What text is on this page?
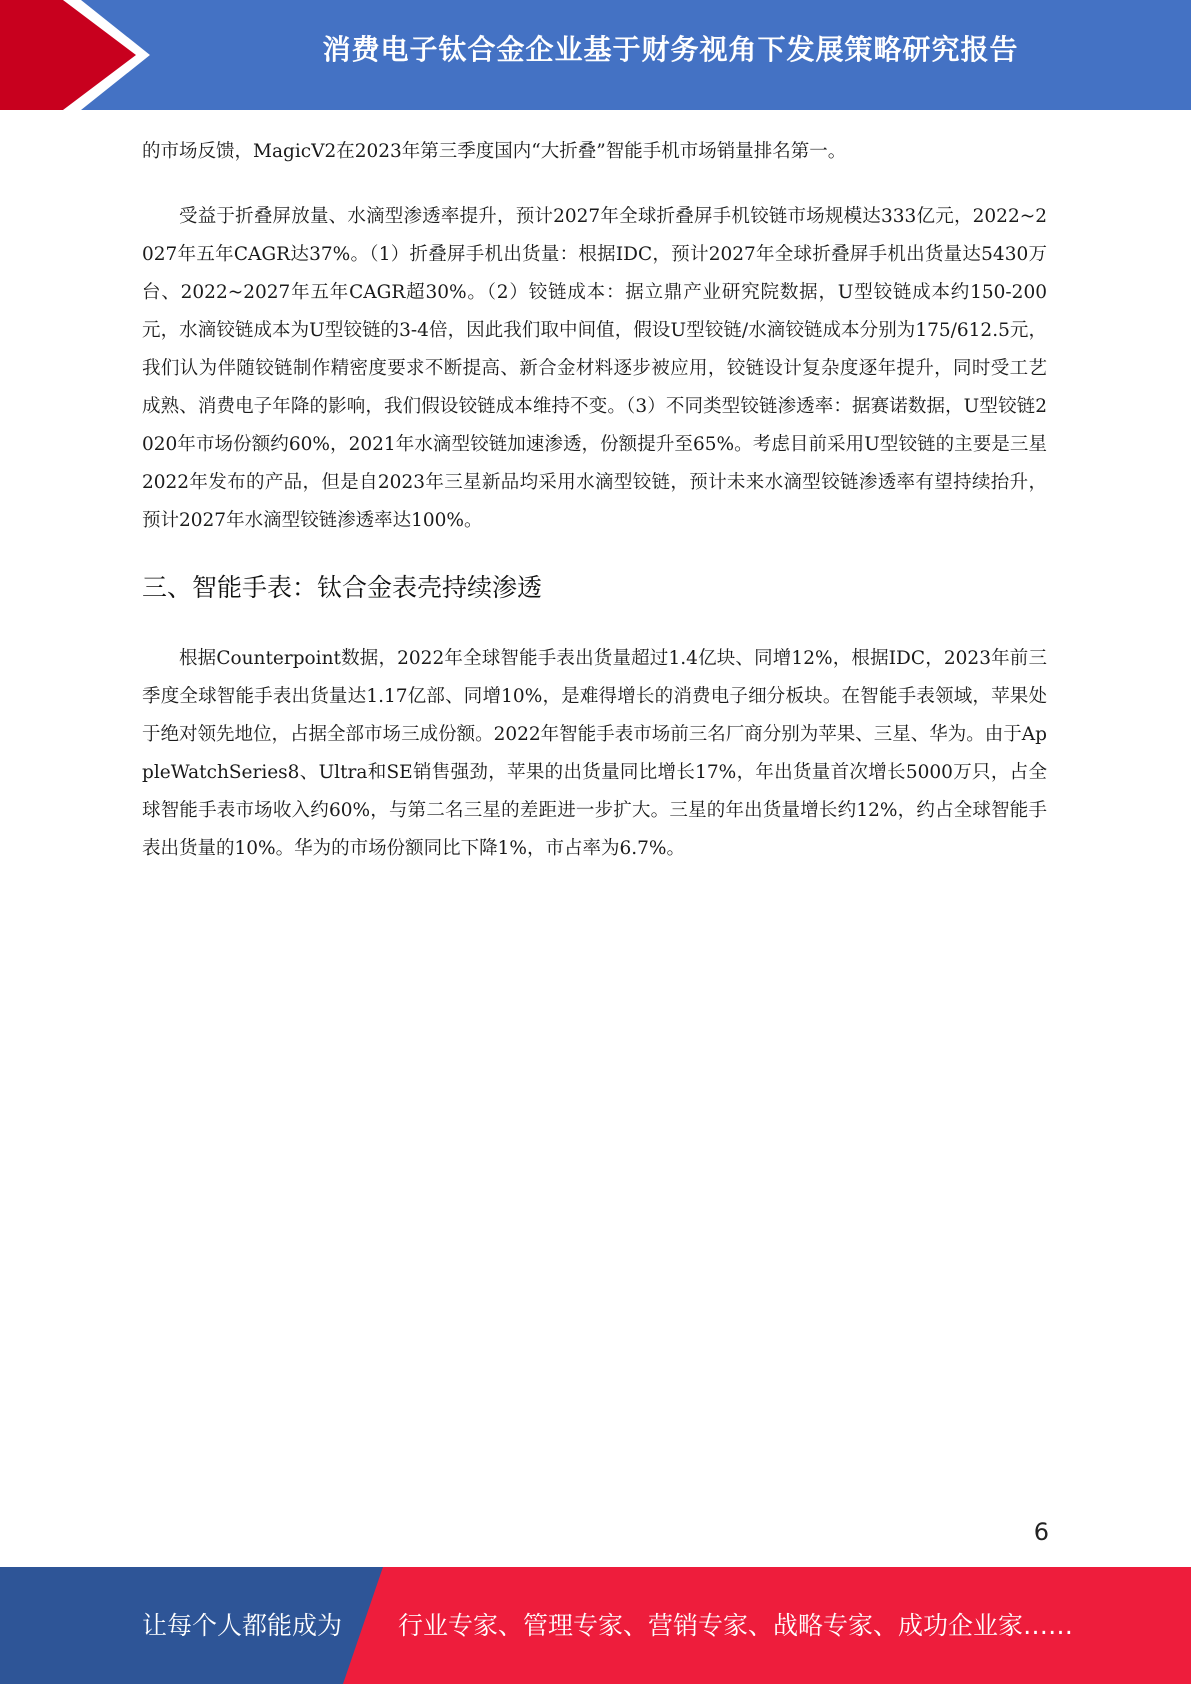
消费电子钛合金企业基于财务视角下发展策略研究报告

的市场反馈，MagicV2在2023年第三季度国内“大折叠”智能手机市场销量排名第一。

受益于折叠屏放量、水滴型渗透率提升，预计2027年全球折叠屏手机铰链市场规模达333亿元，2022~2027年五年CAGR达37%。（1）折叠屏手机出货量：根据IDC，预计2027年全球折叠屏手机出货量达5430万台、2022~2027年五年CAGR超30%。（2）铰链成本：据立鼎产业研究院数据，U型铰链成本约150-200元，水滴铰链成本为U型铰链的3-4倍，因此我们取中间值，假设U型铰链/水滴铰链成本分别为175/612.5元，我们认为伴随铰链制作精密度要求不断提高、新合金材料逐步被应用，铰链设计复杂度逐年提升，同时受工艺成熟、消费电子年降的影响，我们假设铰链成本维持不变。（3）不同类型铰链渗透率：据赛诺数据，U型铰链2020年市场份额约60%，2021年水滴型铰链加速渗透，份额提升至65%。考虑目前采用U型铰链的主要是三星2022年发布的产品，但是自2023年三星新品均采用水滴型铰链，预计未来水滴型铰链渗透率有望持续抬升，预计2027年水滴型铰链渗透率达100%。

三、智能手表：钛合金表壳持续渗透

根据Counterpoint数据，2022年全球智能手表出货量超过1.4亿块、同增12%，根据IDC，2023年前三季度全球智能手表出货量达1.17亿部、同增10%，是难得增长的消费电子细分板块。在智能手表领域，苹果处于绝对领先地位，占据全部市场三成份额。2022年智能手表市场前三名厂商分别为苹果、三星、华为。由于AppleWatchSeries8、Ultra和SE销售强劲，苹果的出货量同比增长17%，年出货量首次增长5000万只，占全球智能手表市场收入约60%，与第二名三星的差距进一步扩大。三星的年出货量增长约12%，约占全球智能手表出货量的10%。华为的市场份额同比下降1%，市占率为6.7%。

6
让每个人都能成为 行业专家、管理专家、营销专家、战略专家、成功企业家……
